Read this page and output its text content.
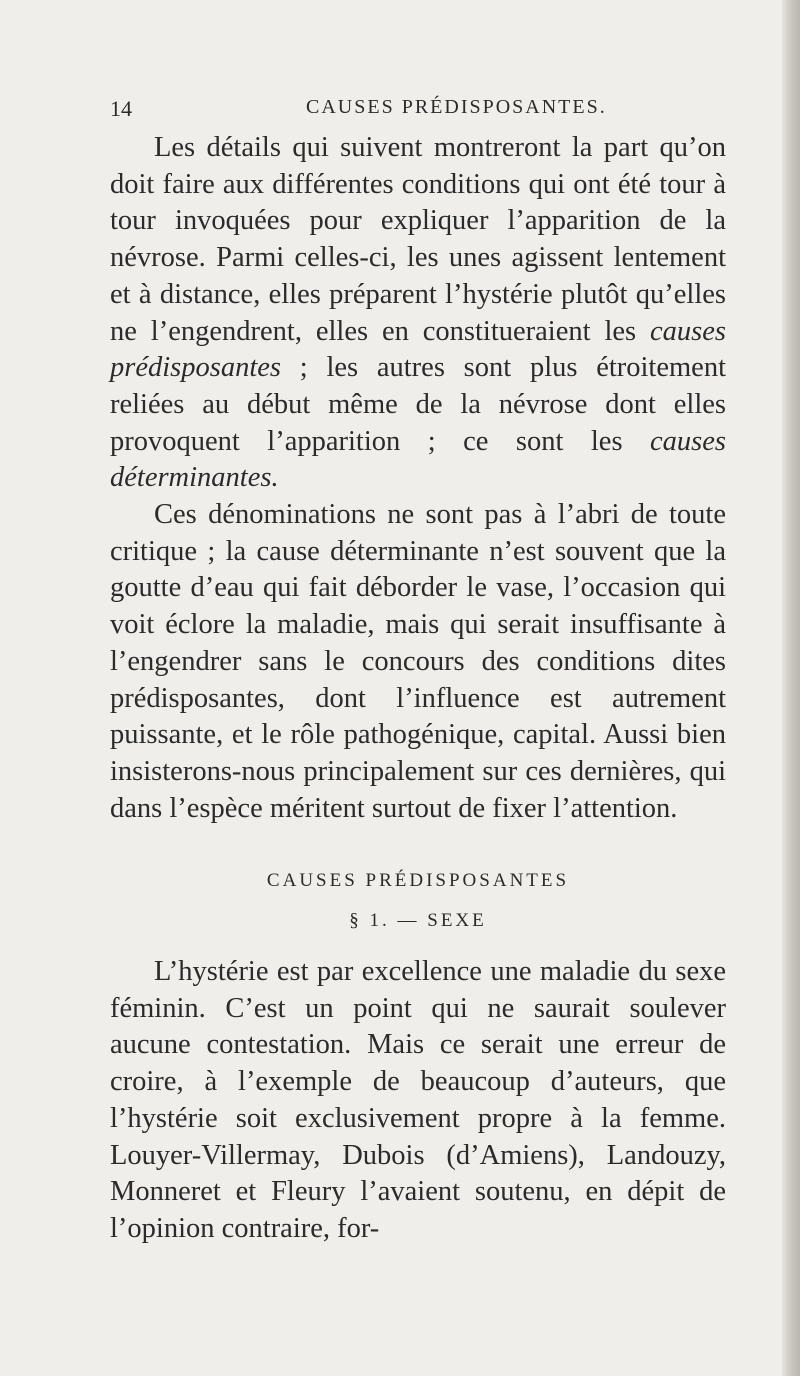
14	CAUSES PRÉDISPOSANTES.

Les détails qui suivent montreront la part qu’on doit faire aux différentes conditions qui ont été tour à tour invoquées pour expliquer l’apparition de la névrose. Parmi celles-ci, les unes agissent lentement et à distance, elles préparent l’hystérie plutôt qu’elles ne l’engendrent, elles en constitueraient les causes prédisposantes ; les autres sont plus étroitement reliées au début même de la névrose dont elles provoquent l’apparition ; ce sont les causes déterminantes.

Ces dénominations ne sont pas à l’abri de toute critique ; la cause déterminante n’est souvent que la goutte d’eau qui fait déborder le vase, l’occasion qui voit éclore la maladie, mais qui serait insuffisante à l’engendrer sans le concours des conditions dites prédisposantes, dont l’influence est autrement puissante, et le rôle pathogénique, capital. Aussi bien insisterons-nous principalement sur ces dernières, qui dans l’espèce méritent surtout de fixer l’attention.

CAUSES PRÉDISPOSANTES
§ 1. — SEXE

L’hystérie est par excellence une maladie du sexe féminin. C’est un point qui ne saurait soulever aucune contestation. Mais ce serait une erreur de croire, à l’exemple de beaucoup d’auteurs, que l’hystérie soit exclusivement propre à la femme. Louyer-Villermay, Dubois (d’Amiens), Landouzy, Monneret et Fleury l’avaient soutenu, en dépit de l’opinion contraire, for-
